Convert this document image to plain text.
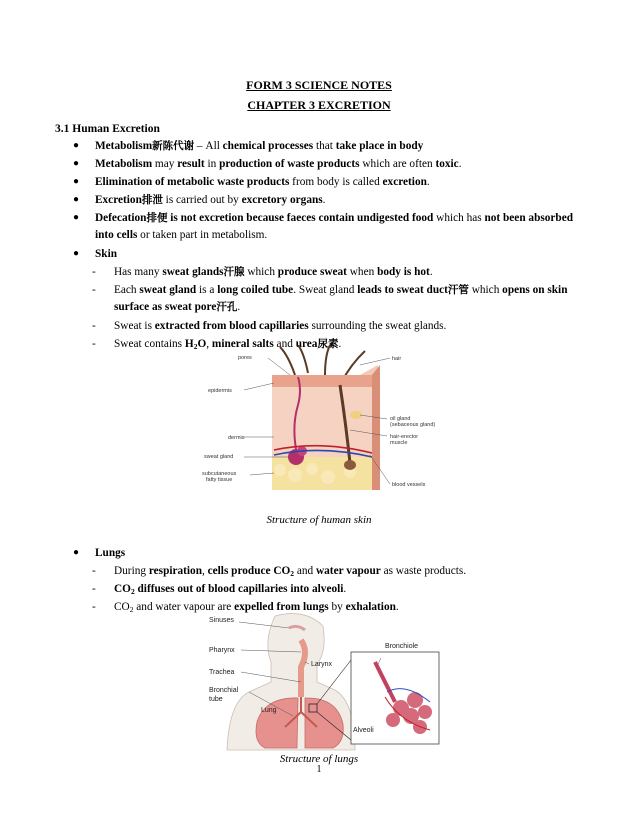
FORM 3 SCIENCE NOTES
CHAPTER 3 EXCRETION
3.1 Human Excretion
● Metabolism新陈代谢 – All chemical processes that take place in body
● Metabolism may result in production of waste products which are often toxic.
● Elimination of metabolic waste products from body is called excretion.
● Excretion排泄 is carried out by excretory organs.
● Defecation排便 is not excretion because faeces contain undigested food which has not been absorbed into cells or taken part in metabolism.
● Skin
- Has many sweat glands汗腺 which produce sweat when body is hot.
- Each sweat gland is a long coiled tube. Sweat gland leads to sweat duct汗管 which opens on skin surface as sweat pore汗孔.
- Sweat is extracted from blood capillaries surrounding the sweat glands.
- Sweat contains $H_2O$, mineral salts and urea尿素.
pores	hair
epidermis
oil gland
(sebaceous gland)
dermis	hair-erector
muscle
sweat gland
subcutaneous
fatty tissue
blood vessels
Structure of human skin
● Lungs
- During respiration, cells produce $CO_2$ and water vapour as waste products.
- $CO_2$ diffuses out of blood capillaries into alveoli.
- $CO_2$ and water vapour are expelled from lungs by exhalation.
Sinuses
Pharynx
Larynx
Trachea
Bronchial
tube
Lung
Bronchiole
Alveoli
Structure of lungs
1
